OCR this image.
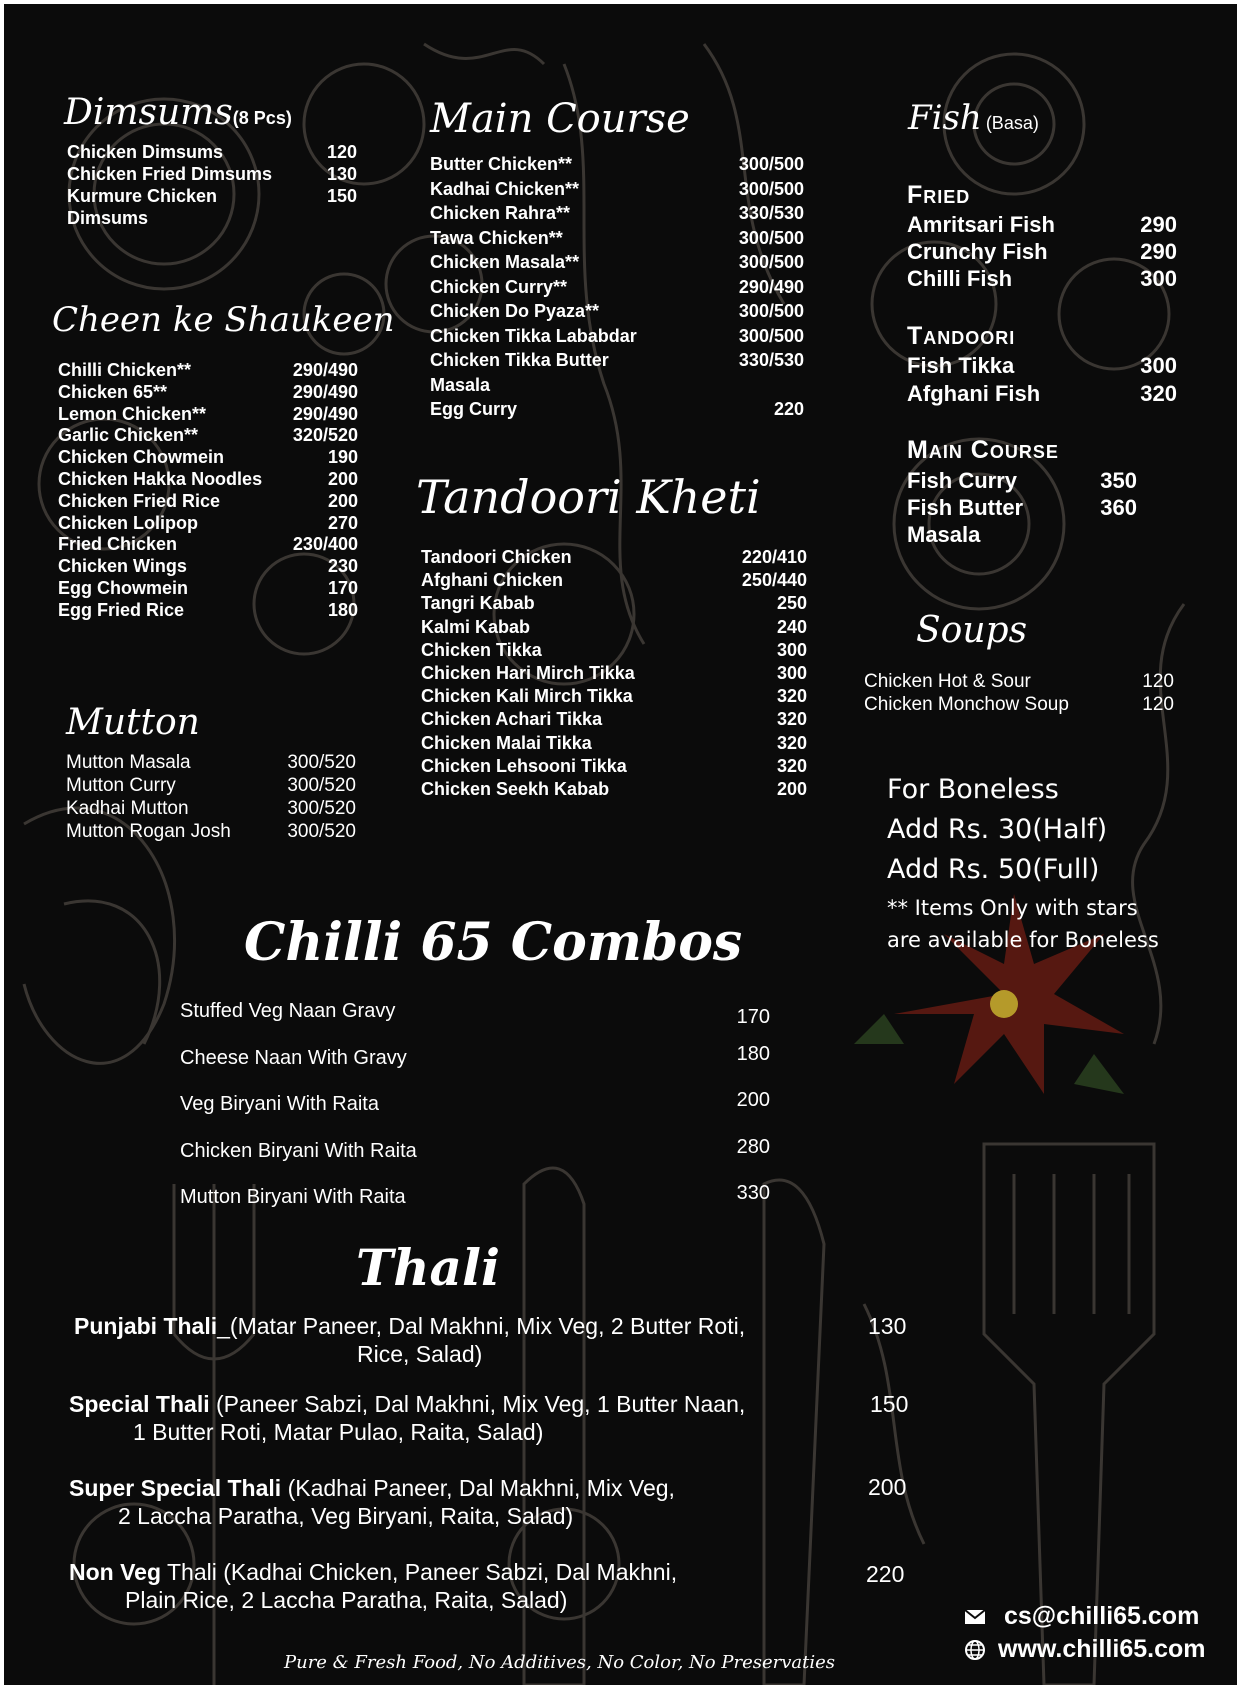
Dimsums(8 Pcs)
Chicken Dimsums	120
Chicken Fried Dimsums	130
Kurmure Chicken	150
Dimsums
Cheen ke Shaukeen
Chilli Chicken**	290/490
Chicken 65**	290/490
Lemon Chicken**	290/490
Garlic Chicken**	320/520
Chicken Chowmein	190
Chicken Hakka Noodles	200
Chicken Fried Rice	200
Chicken Lolipop	270
Fried Chicken	230/400
Chicken Wings	230
Egg Chowmein	170
Egg Fried Rice	180
Mutton
Mutton Masala	300/520
Mutton Curry	300/520
Kadhai Mutton	300/520
Mutton Rogan Josh	300/520
Main Course
Butter Chicken**	300/500
Kadhai Chicken**	300/500
Chicken Rahra**	330/530
Tawa Chicken**	300/500
Chicken Masala**	300/500
Chicken Curry**	290/490
Chicken Do Pyaza**	300/500
Chicken Tikka Lababdar	300/500
Chicken Tikka Butter	330/530
Masala
Egg Curry	220
Tandoori Kheti
Tandoori Chicken	220/410
Afghani Chicken	250/440
Tangri Kabab	250
Kalmi Kabab	240
Chicken Tikka	300
Chicken Hari Mirch Tikka	300
Chicken Kali Mirch Tikka	320
Chicken Achari Tikka	320
Chicken Malai Tikka	320
Chicken Lehsooni Tikka	320
Chicken Seekh Kabab	200
Fish (Basa)
Fried
Amritsari Fish	290
Crunchy Fish	290
Chilli Fish	300
Tandoori
Fish Tikka	300
Afghani Fish	320
Main Course
Fish Curry	350
Fish Butter	360
Masala
Soups
Chicken Hot & Sour	120
Chicken Monchow Soup	120
For Boneless
Add Rs. 30(Half)
Add Rs. 50(Full)
** Items Only with stars
are available for Boneless
Chilli 65 Combos
Stuffed Veg Naan Gravy	170
Cheese Naan With Gravy	180
Veg Biryani With Raita	200
Chicken Biryani With Raita	280
Mutton Biryani With Raita	330
Thali
Punjabi Thali_(Matar Paneer, Dal Makhni, Mix Veg, 2 Butter Roti,
Rice, Salad)
130
Special Thali (Paneer Sabzi, Dal Makhni, Mix Veg, 1 Butter Naan,
1 Butter Roti, Matar Pulao, Raita, Salad)
150
Super Special Thali (Kadhai Paneer, Dal Makhni, Mix Veg,
2 Laccha Paratha, Veg Biryani, Raita, Salad)
200
Non Veg Thali (Kadhai Chicken, Paneer Sabzi, Dal Makhni,
Plain Rice, 2 Laccha Paratha, Raita, Salad)
220
Pure & Fresh Food, No Additives, No Color, No Preservaties
cs@chilli65.com
www.chilli65.com
